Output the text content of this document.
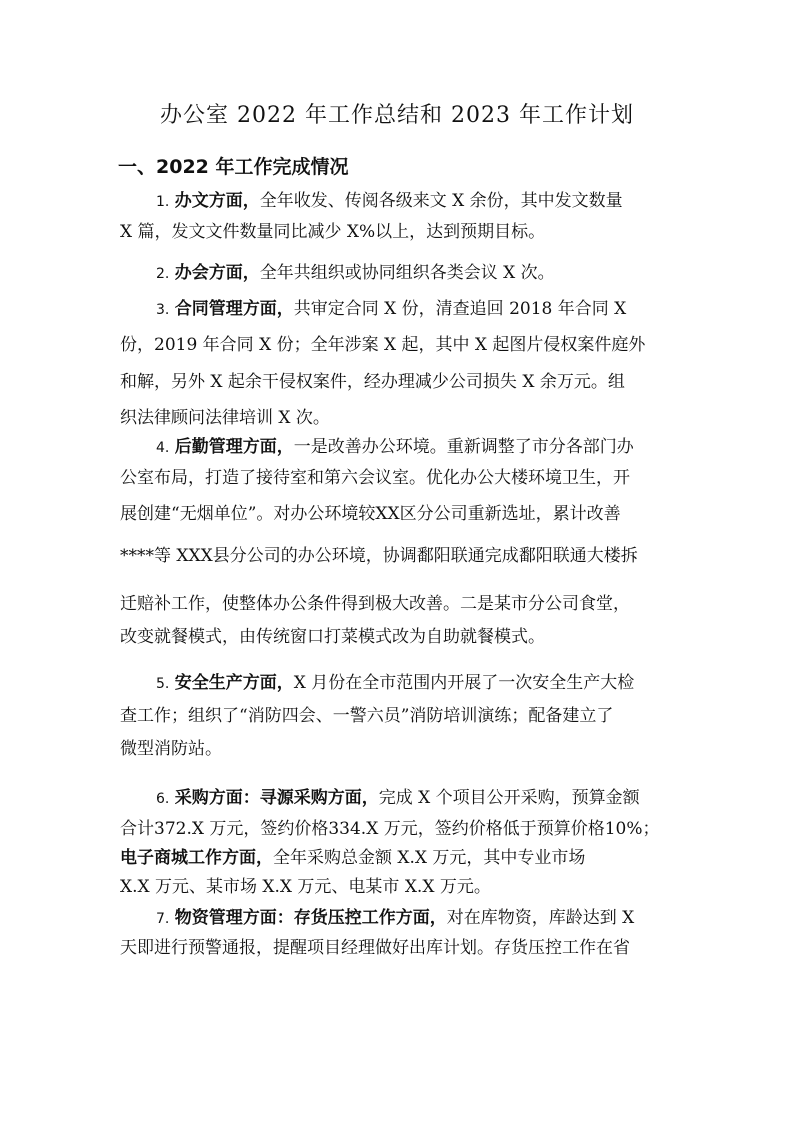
办公室 2022 年工作总结和 2023 年工作计划
一、2022 年工作完成情况
1. 办文方面，全年收发、传阅各级来文 X 余份，其中发文数量
X 篇，发文文件数量同比减少 X%以上，达到预期目标。
2. 办会方面，全年共组织或协同组织各类会议 X 次。
3. 合同管理方面，共审定合同 X 份，清查追回 2018 年合同 X
份，2019 年合同 X 份；全年涉案 X 起，其中 X 起图片侵权案件庭外
和解，另外 X 起余干侵权案件，经办理减少公司损失 X 余万元。组
织法律顾问法律培训 X 次。
4. 后勤管理方面，一是改善办公环境。重新调整了市分各部门办
公室布局，打造了接待室和第六会议室。优化办公大楼环境卫生，开
展创建“无烟单位”。对办公环境较XX区分公司重新选址，累计改善
****等 XXX县分公司的办公环境，协调鄱阳联通完成鄱阳联通大楼拆
迁赔补工作，使整体办公条件得到极大改善。二是某市分公司食堂，
改变就餐模式，由传统窗口打菜模式改为自助就餐模式。
5. 安全生产方面，X 月份在全市范围内开展了一次安全生产大检
查工作；组织了“消防四会、一警六员”消防培训演练；配备建立了
微型消防站。
6. 采购方面：寻源采购方面，完成 X 个项目公开采购，预算金额
合计372.X 万元，签约价格334.X 万元，签约价格低于预算价格10%；
电子商城工作方面，全年采购总金额 X.X 万元，其中专业市场
X.X 万元、某市场 X.X 万元、电某市 X.X 万元。
7. 物资管理方面：存货压控工作方面，对在库物资，库龄达到 X
天即进行预警通报，提醒项目经理做好出库计划。存货压控工作在省
